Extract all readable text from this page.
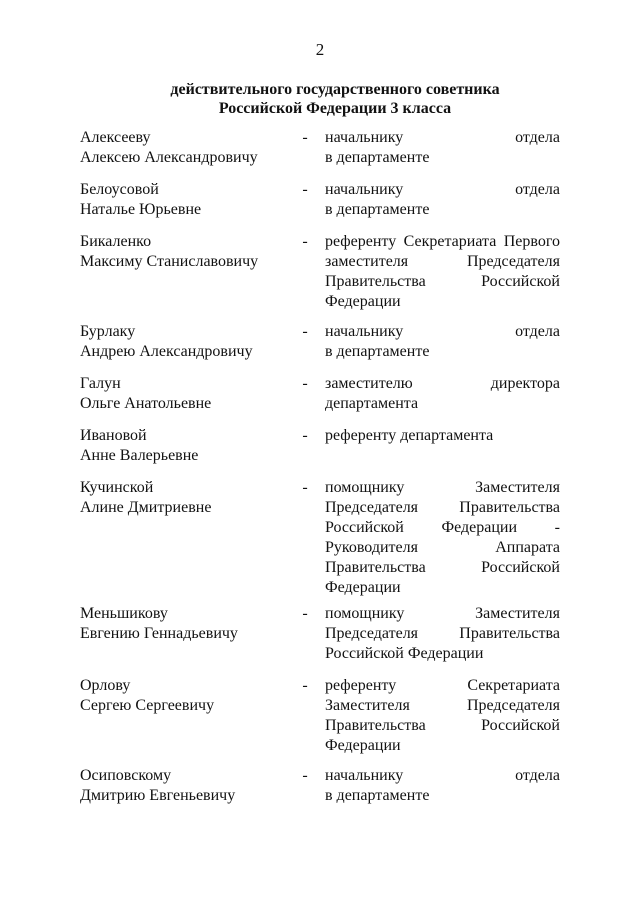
2
действительного государственного советника
Российской Федерации 3 класса
Алексееву
Алексею Александровичу
- начальнику отдела
в департаменте
Белоусовой
Наталье Юрьевне
- начальнику отдела
в департаменте
Бикаленко
Максиму Станиславовичу
- референту Секретариата Первого
заместителя Председателя
Правительства Российской
Федерации
Бурлаку
Андрею Александровичу
- начальнику отдела
в департаменте
Галун
Ольге Анатольевне
- заместителю директора
департамента
Ивановой
Анне Валерьевне
- референту департамента
Кучинской
Алине Дмитриевне
- помощнику Заместителя
Председателя Правительства
Российской Федерации -
Руководителя Аппарата
Правительства Российской
Федерации
Меньшикову
Евгению Геннадьевичу
- помощнику Заместителя
Председателя Правительства
Российской Федерации
Орлову
Сергею Сергеевичу
- референту Секретариата
Заместителя Председателя
Правительства Российской
Федерации
Осиповскому
Дмитрию Евгеньевичу
- начальнику отдела
в департаменте
